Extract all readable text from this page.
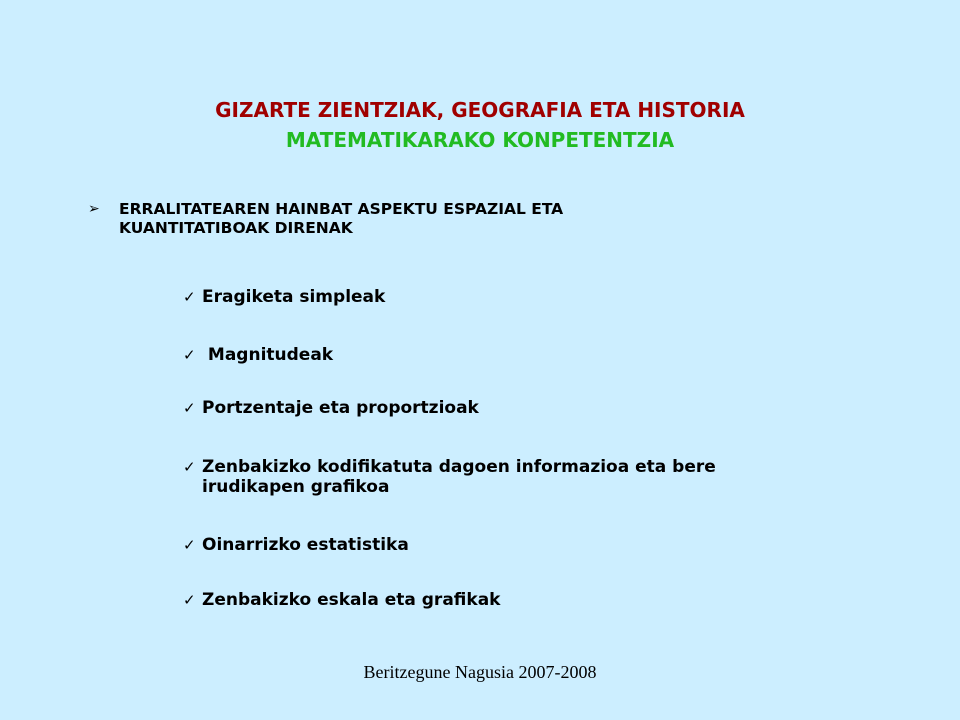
GIZARTE ZIENTZIAK, GEOGRAFIA ETA HISTORIA
MATEMATIKARAKO KONPETENTZIA
➢ ERRALITATEAREN HAINBAT ASPEKTU ESPAZIAL ETA KUANTITATIBOAK DIRENAK
✓ Eragiketa simpleak
✓ Magnitudeak
✓ Portzentaje eta proportzioak
✓ Zenbakizko kodifikatuta dagoen informazioa eta bere irudikapen grafikoa
✓ Oinarrizko estatistika
✓ Zenbakizko eskala eta grafikak
Beritzegune Nagusia 2007-2008
